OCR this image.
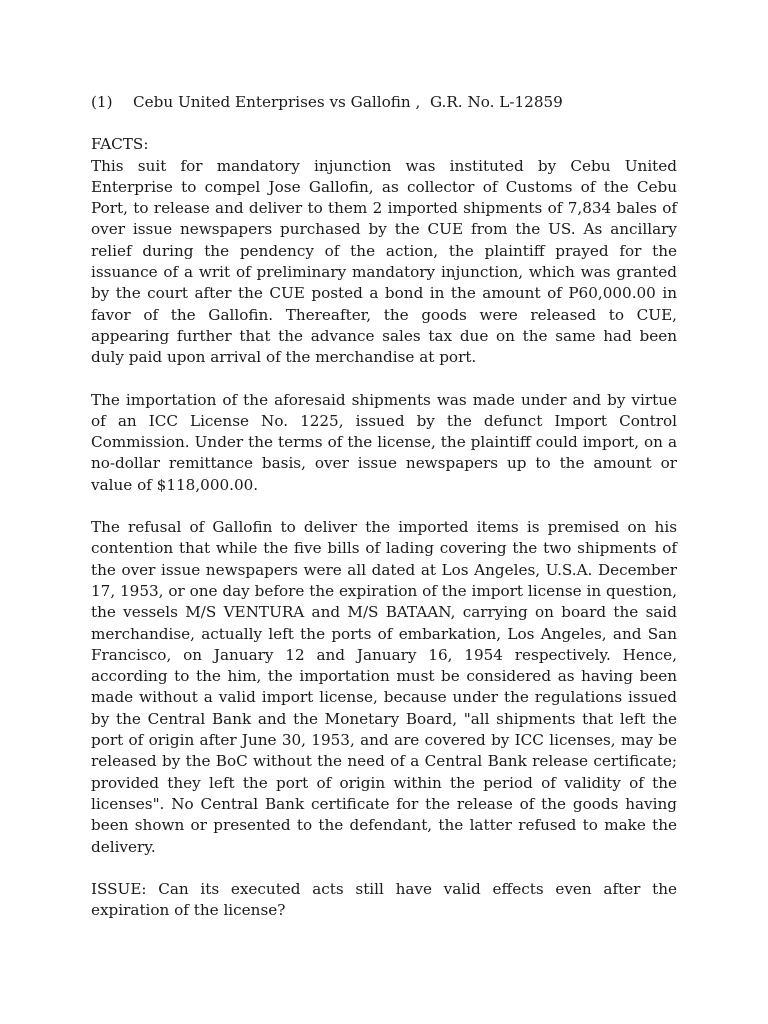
(1) Cebu United Enterprises vs Gallofin ,  G.R. No. L-12859
FACTS:

This suit for mandatory injunction was instituted by Cebu United Enterprise to compel Jose Gallofin, as collector of Customs of the Cebu Port, to release and deliver to them 2 imported shipments of 7,834 bales of over issue newspapers purchased by the CUE from the US. As ancillary relief during the pendency of the action, the plaintiff prayed for the issuance of a writ of preliminary mandatory injunction, which was granted by the court after the CUE posted a bond in the amount of P60,000.00 in favor of the Gallofin. Thereafter, the goods were released to CUE, appearing further that the advance sales tax due on the same had been duly paid upon arrival of the merchandise at port.

The importation of the aforesaid shipments was made under and by virtue of an ICC License No. 1225, issued by the defunct Import Control Commission. Under the terms of the license, the plaintiff could import, on a no-dollar remittance basis, over issue newspapers up to the amount or value of $118,000.00.

The refusal of Gallofin to deliver the imported items is premised on his contention that while the five bills of lading covering the two shipments of the over issue newspapers were all dated at Los Angeles, U.S.A. December 17, 1953, or one day before the expiration of the import license in question, the vessels M/S VENTURA and M/S BATAAN, carrying on board the said merchandise, actually left the ports of embarkation, Los Angeles, and San Francisco, on January 12 and January 16, 1954 respectively. Hence, according to the him, the importation must be considered as having been made without a valid import license, because under the regulations issued by the Central Bank and the Monetary Board, "all shipments that left the port of origin after June 30, 1953, and are covered by ICC licenses, may be released by the BoC without the need of a Central Bank release certificate; provided they left the port of origin within the period of validity of the licenses". No Central Bank certificate for the release of the goods having been shown or presented to the defendant, the latter refused to make the delivery.

ISSUE: Can its executed acts still have valid effects even after the expiration of the license?
